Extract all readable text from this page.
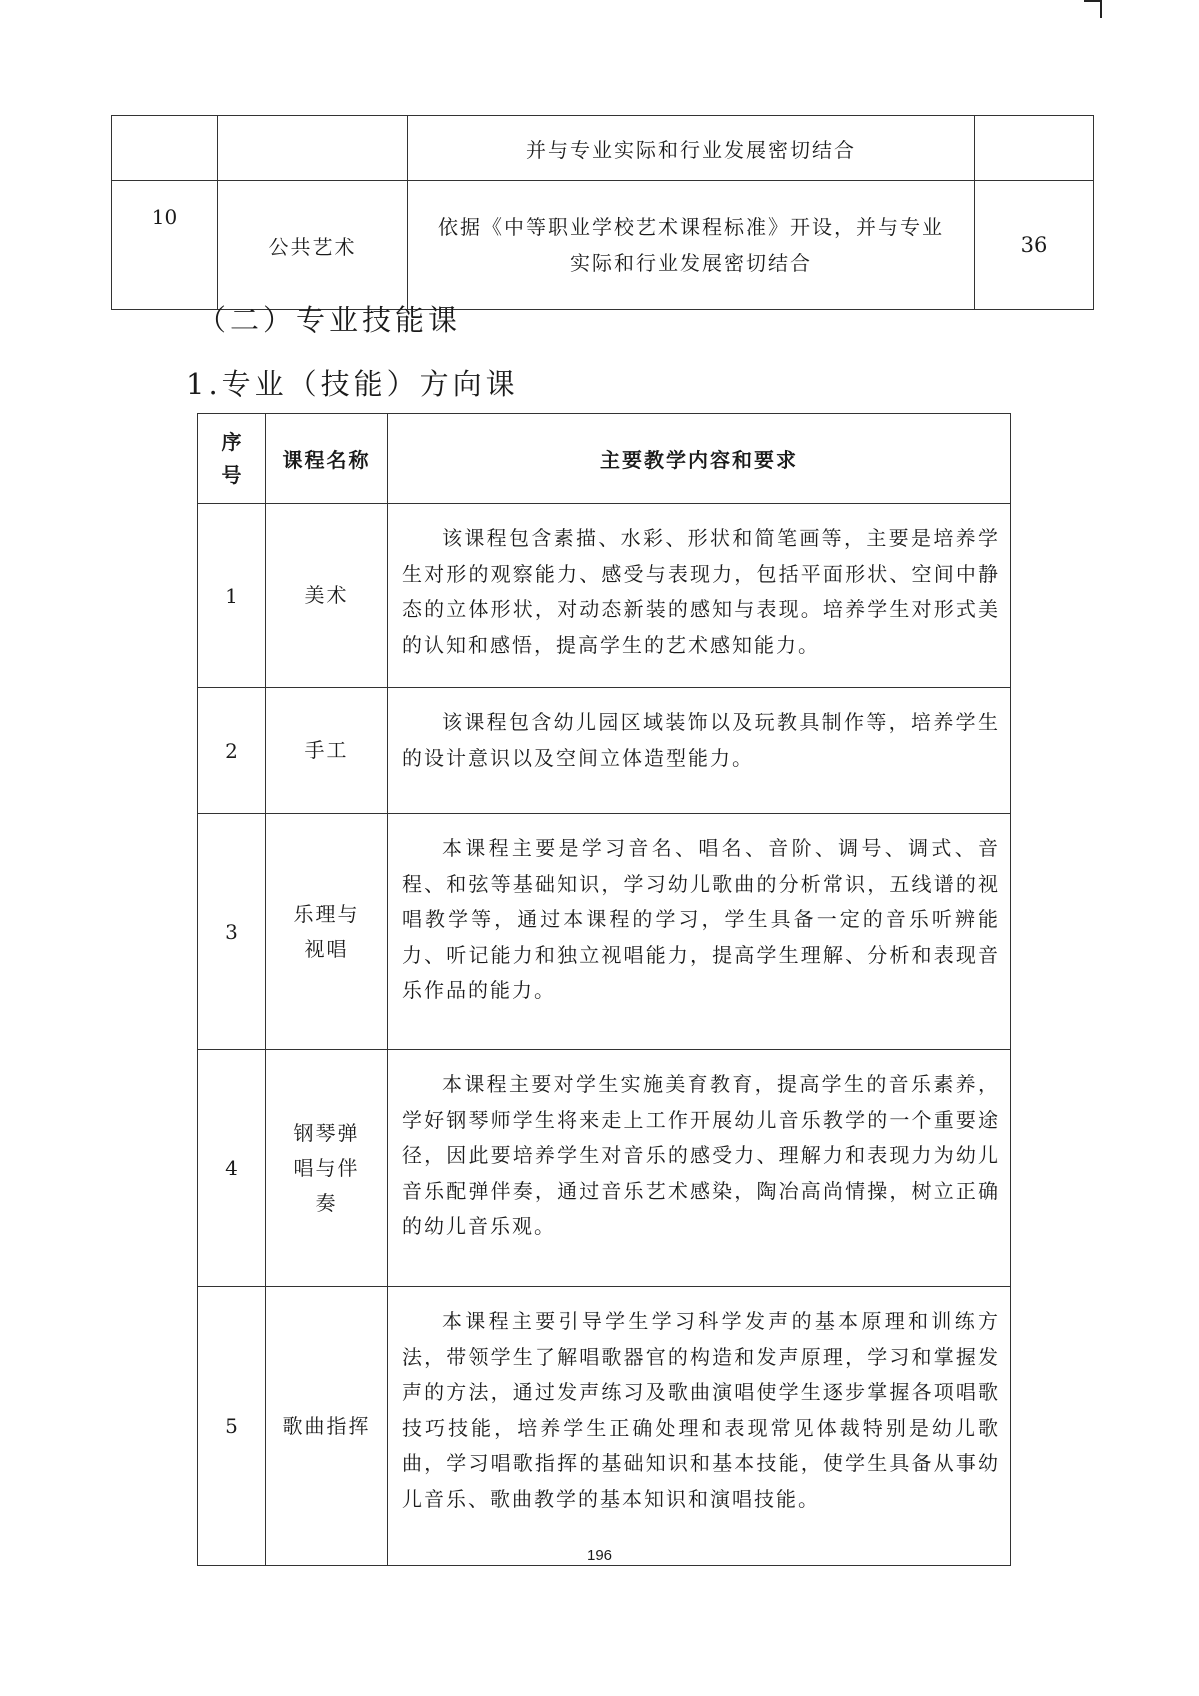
		并与专业实际和行业发展密切结合	
10	公共艺术	依据《中等职业学校艺术课程标准》开设，并与专业实际和行业发展密切结合	36
（二）专业技能课
1.专业（技能）方向课
序号	课程名称	主要教学内容和要求
1	美术	该课程包含素描、水彩、形状和简笔画等，主要是培养学生对形的观察能力、感受与表现力，包括平面形状、空间中静态的立体形状，对动态新装的感知与表现。培养学生对形式美的认知和感悟，提高学生的艺术感知能力。
2	手工	该课程包含幼儿园区域装饰以及玩教具制作等，培养学生的设计意识以及空间立体造型能力。
3	乐理与视唱	本课程主要是学习音名、唱名、音阶、调号、调式、音程、和弦等基础知识，学习幼儿歌曲的分析常识，五线谱的视唱教学等，通过本课程的学习，学生具备一定的音乐听辨能力、听记能力和独立视唱能力，提高学生理解、分析和表现音乐作品的能力。
4	钢琴弹唱与伴奏	本课程主要对学生实施美育教育，提高学生的音乐素养，学好钢琴师学生将来走上工作开展幼儿音乐教学的一个重要途径，因此要培养学生对音乐的感受力、理解力和表现力为幼儿音乐配弹伴奏，通过音乐艺术感染，陶冶高尚情操，树立正确的幼儿音乐观。
5	歌曲指挥	本课程主要引导学生学习科学发声的基本原理和训练方法，带领学生了解唱歌器官的构造和发声原理，学习和掌握发声的方法，通过发声练习及歌曲演唱使学生逐步掌握各项唱歌技巧技能，培养学生正确处理和表现常见体裁特别是幼儿歌曲，学习唱歌指挥的基础知识和基本技能，使学生具备从事幼儿音乐、歌曲教学的基本知识和演唱技能。
196
